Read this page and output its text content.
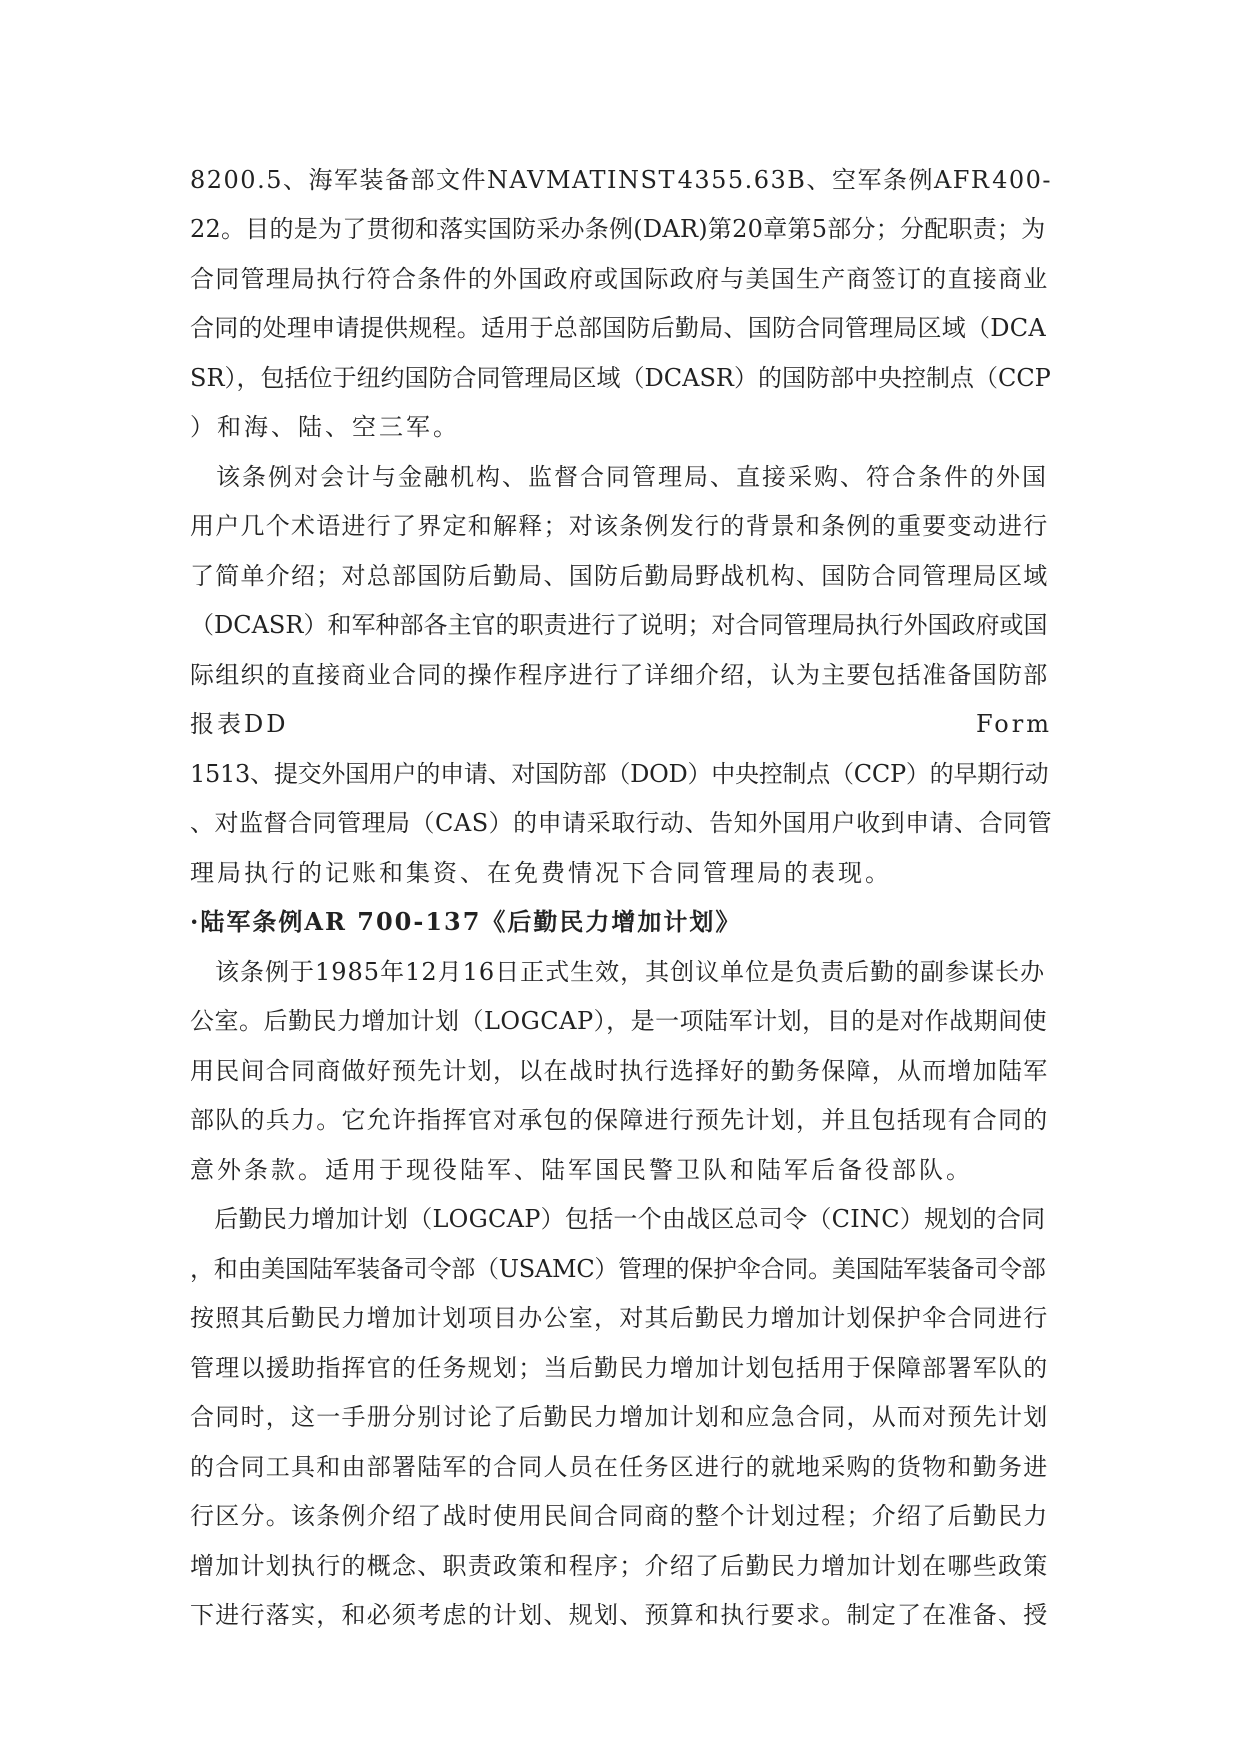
8200.5、海军装备部文件NAVMATINST 4355.63B、空军条例AFR 400-
22。目的是为了贯彻和落实国防采办条例(DAR)第20章第5部分；分配职责；为
合同管理局执行符合条件的外国政府或国际政府与美国生产商签订的直接商业
合同的处理申请提供规程。适用于总部国防后勤局、国防合同管理局区域（DCA
SR），包括位于纽约国防合同管理局区域（DCASR）的国防部中央控制点（CCP
）和海、陆、空三军。
　该条例对会计与金融机构、监督合同管理局、直接采购、符合条件的外国
用户几个术语进行了界定和解释；对该条例发行的背景和条例的重要变动进行
了简单介绍；对总部国防后勤局、国防后勤局野战机构、国防合同管理局区域
（DCASR）和军种部各主官的职责进行了说明；对合同管理局执行外国政府或国
际组织的直接商业合同的操作程序进行了详细介绍，认为主要包括准备国防部
报表DD	Form
1513、提交外国用户的申请、对国防部（DOD）中央控制点（CCP）的早期行动
、对监督合同管理局（CAS）的申请采取行动、告知外国用户收到申请、合同管
理局执行的记账和集资、在免费情况下合同管理局的表现。
·陆军条例AR 700-137《后勤民力增加计划》
　该条例于1985年12月16日正式生效，其创议单位是负责后勤的副参谋长办
公室。后勤民力增加计划（LOGCAP），是一项陆军计划，目的是对作战期间使
用民间合同商做好预先计划，以在战时执行选择好的勤务保障，从而增加陆军
部队的兵力。它允许指挥官对承包的保障进行预先计划，并且包括现有合同的
意外条款。适用于现役陆军、陆军国民警卫队和陆军后备役部队。
　后勤民力增加计划（LOGCAP）包括一个由战区总司令（CINC）规划的合同
，和由美国陆军装备司令部（USAMC）管理的保护伞合同。美国陆军装备司令部
按照其后勤民力增加计划项目办公室，对其后勤民力增加计划保护伞合同进行
管理以援助指挥官的任务规划；当后勤民力增加计划包括用于保障部署军队的
合同时，这一手册分别讨论了后勤民力增加计划和应急合同，从而对预先计划
的合同工具和由部署陆军的合同人员在任务区进行的就地采购的货物和勤务进
行区分。该条例介绍了战时使用民间合同商的整个计划过程；介绍了后勤民力
增加计划执行的概念、职责政策和程序；介绍了后勤民力增加计划在哪些政策
下进行落实，和必须考虑的计划、规划、预算和执行要求。制定了在准备、授
